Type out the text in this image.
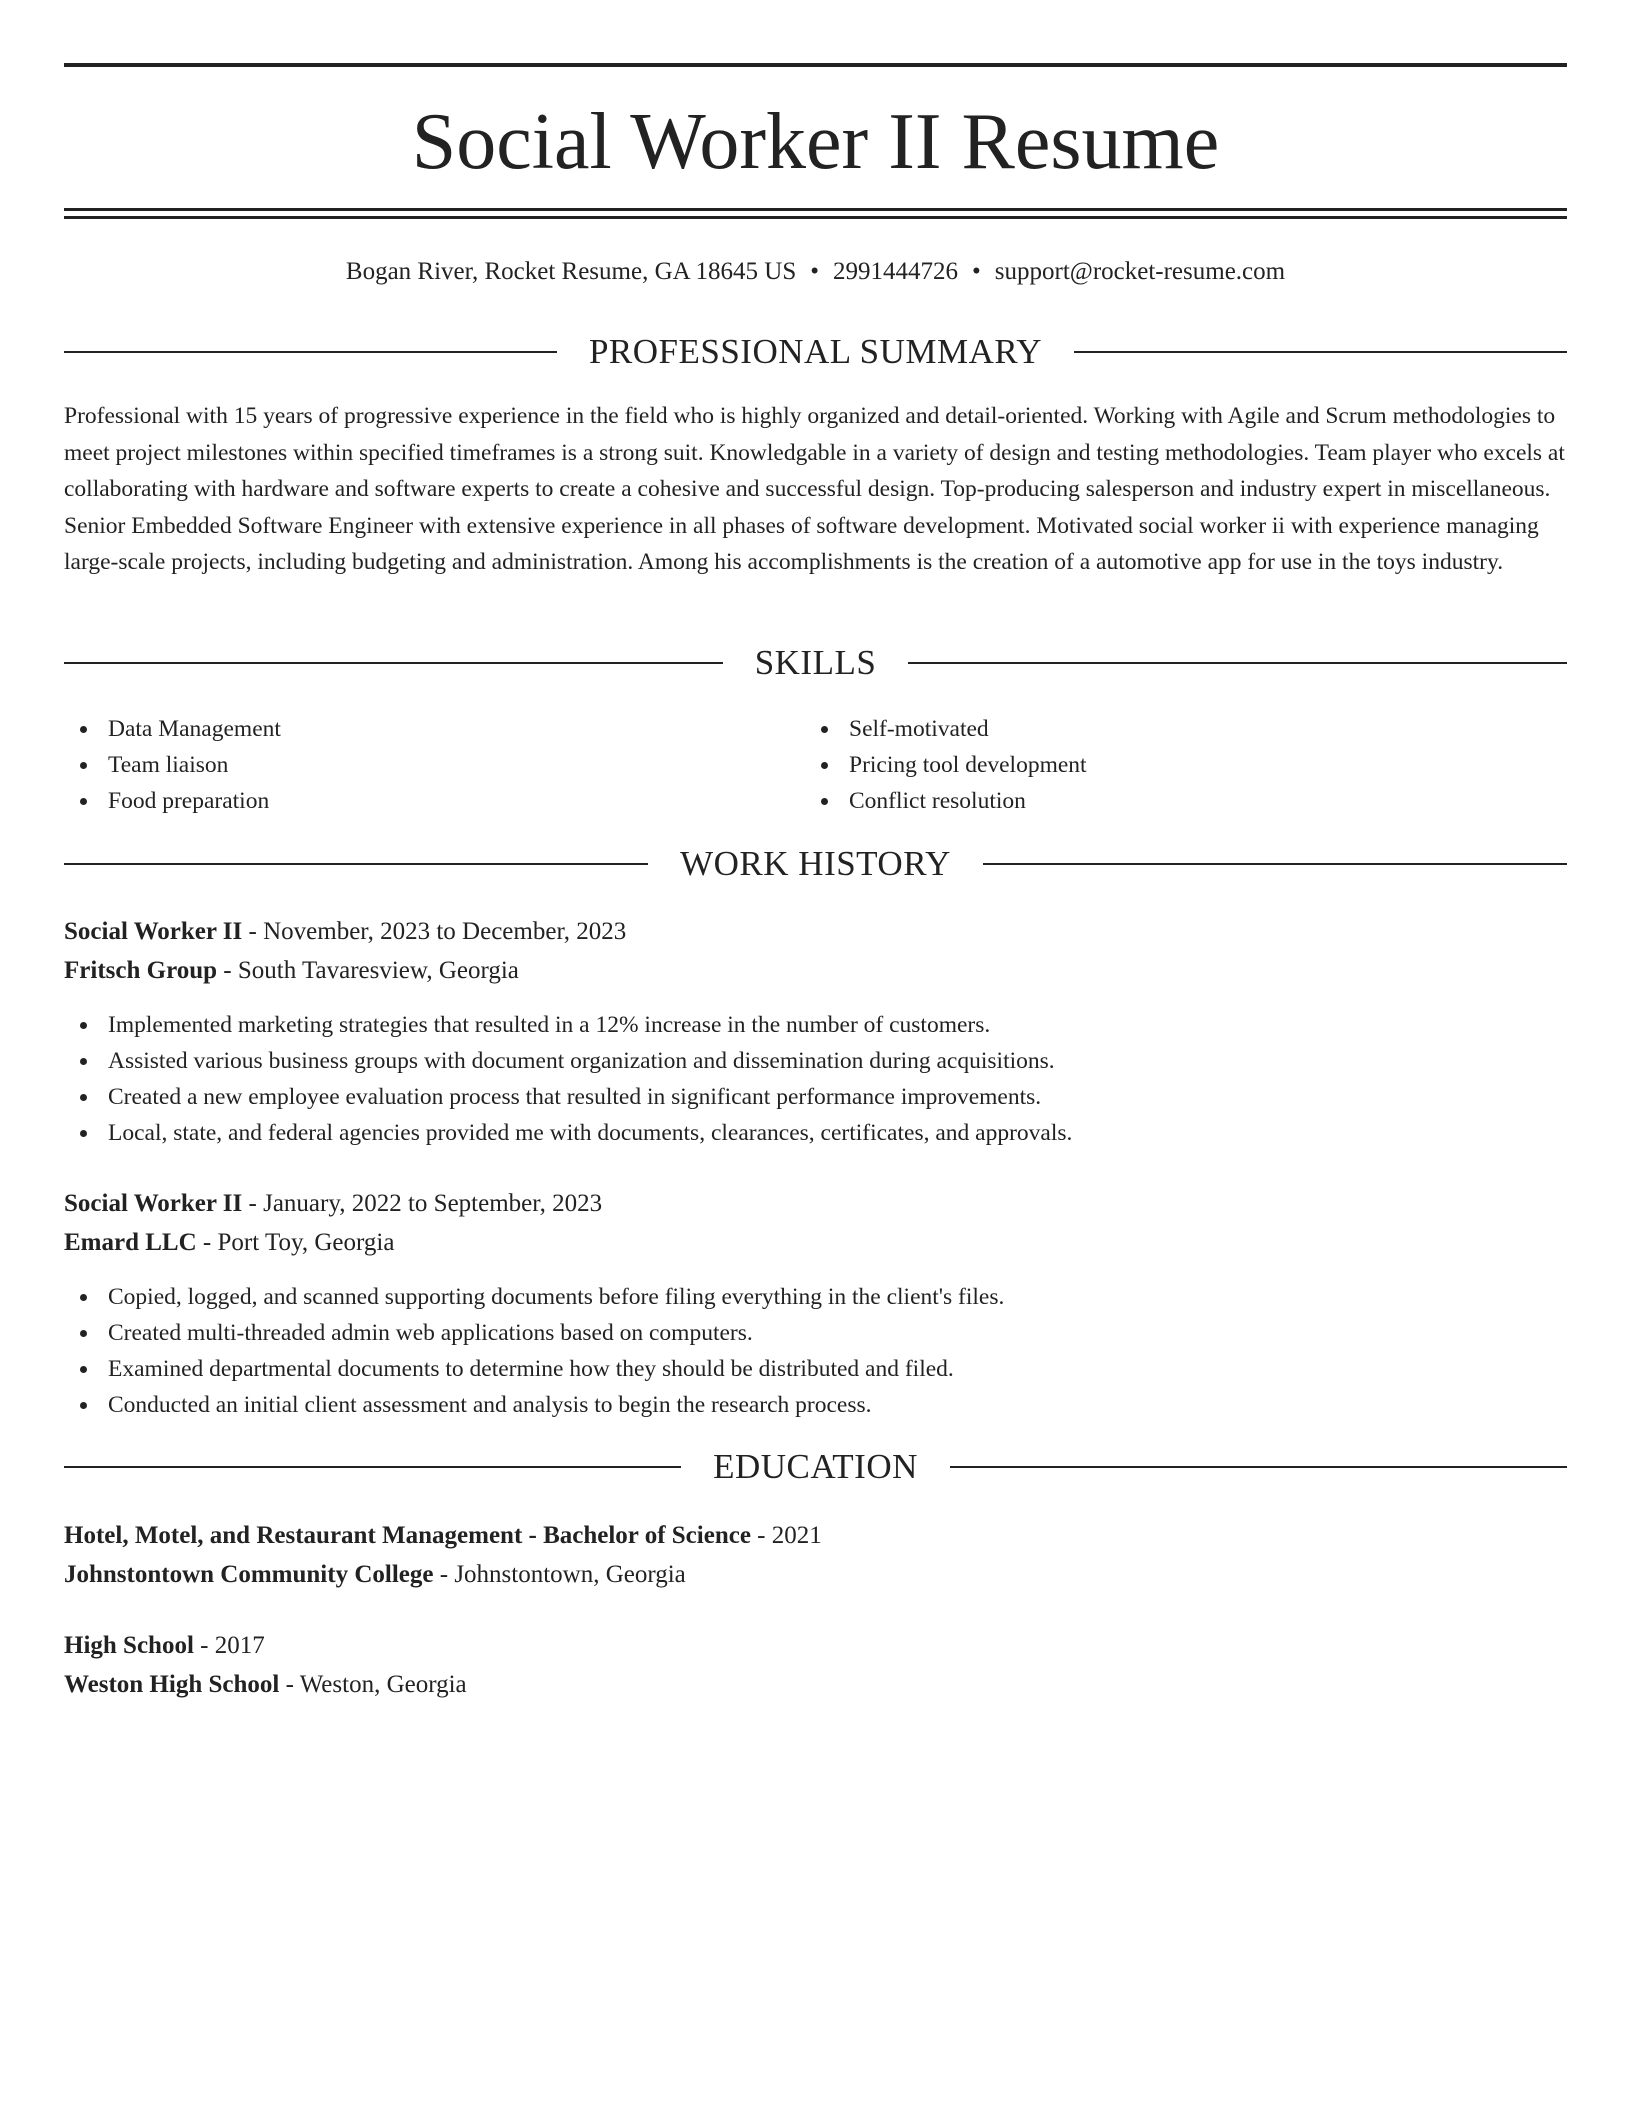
Social Worker II Resume
Bogan River, Rocket Resume, GA 18645 US • 2991444726 • support@rocket-resume.com
PROFESSIONAL SUMMARY

Professional with 15 years of progressive experience in the field who is highly organized and detail-oriented. Working with Agile and Scrum methodologies to meet project milestones within specified timeframes is a strong suit. Knowledgable in a variety of design and testing methodologies. Team player who excels at collaborating with hardware and software experts to create a cohesive and successful design. Top-producing salesperson and industry expert in miscellaneous. Senior Embedded Software Engineer with extensive experience in all phases of software development. Motivated social worker ii with experience managing large-scale projects, including budgeting and administration. Among his accomplishments is the creation of a automotive app for use in the toys industry.

SKILLS
Data Management
Team liaison
Food preparation
Self-motivated
Pricing tool development
Conflict resolution
WORK HISTORY
Social Worker II - November, 2023 to December, 2023
Fritsch Group - South Tavaresview, Georgia
Implemented marketing strategies that resulted in a 12% increase in the number of customers.
Assisted various business groups with document organization and dissemination during acquisitions.
Created a new employee evaluation process that resulted in significant performance improvements.
Local, state, and federal agencies provided me with documents, clearances, certificates, and approvals.
Social Worker II - January, 2022 to September, 2023
Emard LLC - Port Toy, Georgia
Copied, logged, and scanned supporting documents before filing everything in the client's files.
Created multi-threaded admin web applications based on computers.
Examined departmental documents to determine how they should be distributed and filed.
Conducted an initial client assessment and analysis to begin the research process.
EDUCATION
Hotel, Motel, and Restaurant Management - Bachelor of Science - 2021
Johnstontown Community College - Johnstontown, Georgia
High School - 2017
Weston High School - Weston, Georgia
